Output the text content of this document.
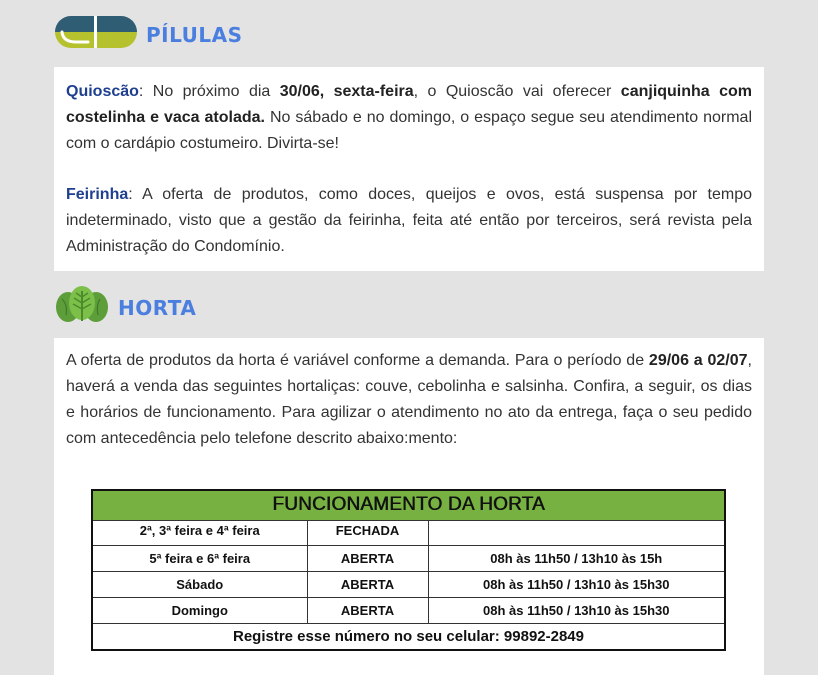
PÍLULAS

Quioscão: No próximo dia 30/06, sexta-feira, o Quioscão vai oferecer canjiquinha com costelinha e vaca atolada. No sábado e no domingo, o espaço segue seu atendimento normal com o cardápio costumeiro. Divirta-se!

Feirinha: A oferta de produtos, como doces, queijos e ovos, está suspensa por tempo indeterminado, visto que a gestão da feirinha, feita até então por terceiros, será revista pela Administração do Condomínio.

HORTA

A oferta de produtos da horta é variável conforme a demanda. Para o período de 29/06 a 02/07, haverá a venda das seguintes hortaliças: couve, cebolinha e salsinha. Confira, a seguir, os dias e horários de funcionamento. Para agilizar o atendimento no ato da entrega, faça o seu pedido com antecedência pelo telefone descrito abaixo:mento:

FUNCIONAMENTO DA HORTA		
2ª, 3ª feira e 4ª feira	FECHADA	
5ª feira e 6ª feira	ABERTA	08h às 11h50 / 13h10 às 15h
Sábado	ABERTA	08h às 11h50 / 13h10 às 15h30
Domingo	ABERTA	08h às 11h50 / 13h10 às 15h30
Registre esse número no seu celular: 99892-2849		
